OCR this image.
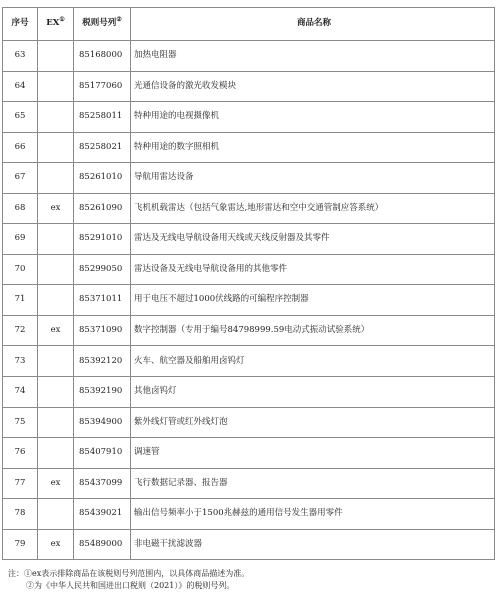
序号	EX①	税则号列②	商品名称
63		85168000	加热电阻器
64		85177060	光通信设备的激光收发模块
65		85258011	特种用途的电视摄像机
66		85258021	特种用途的数字照相机
67		85261010	导航用雷达设备
68	ex	85261090	飞机机载雷达（包括气象雷达,地形雷达和空中交通管制应答系统）
69		85291010	雷达及无线电导航设备用天线或天线反射器及其零件
70		85299050	雷达设备及无线电导航设备用的其他零件
71		85371011	用于电压不超过1000伏线路的可编程序控制器
72	ex	85371090	数字控制器（专用于编号84798999.59电动式振动试验系统）
73		85392120	火车、航空器及船舶用卤钨灯
74		85392190	其他卤钨灯
75		85394900	紫外线灯管或红外线灯泡
76		85407910	调速管
77	ex	85437099	飞行数据记录器、报告器
78		85439021	输出信号频率小于1500兆赫兹的通用信号发生器用零件
79	ex	85489000	非电磁干扰滤波器
注：①ex表示排除商品在该税则号列范围内，以具体商品描述为准。
②为《中华人民共和国进出口税则（2021）》的税则号列。
